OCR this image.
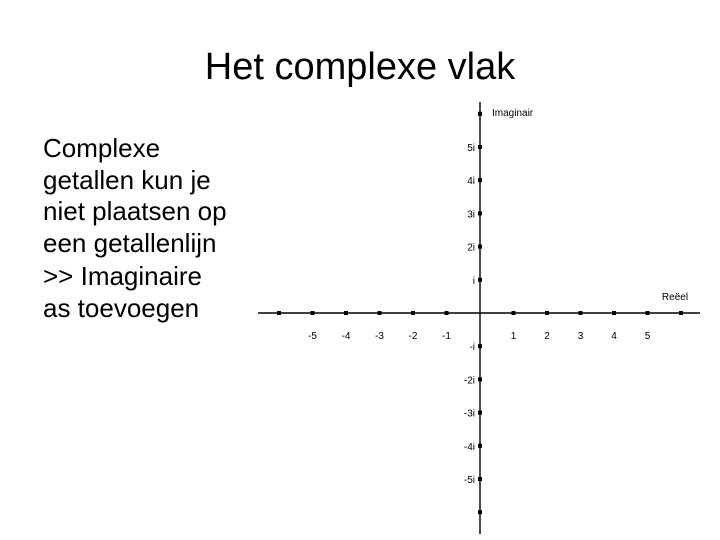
Het complexe vlak
Complexe
getallen kun je
niet plaatsen op
een getallenlijn
>> Imaginaire
as toevoegen
-5 -4 -3 -2 -1	1	2	3	4	5
5i
4i
3i
2i
i
-i
-2i
-3i
-4i
-5i
Imaginair
Reëel
